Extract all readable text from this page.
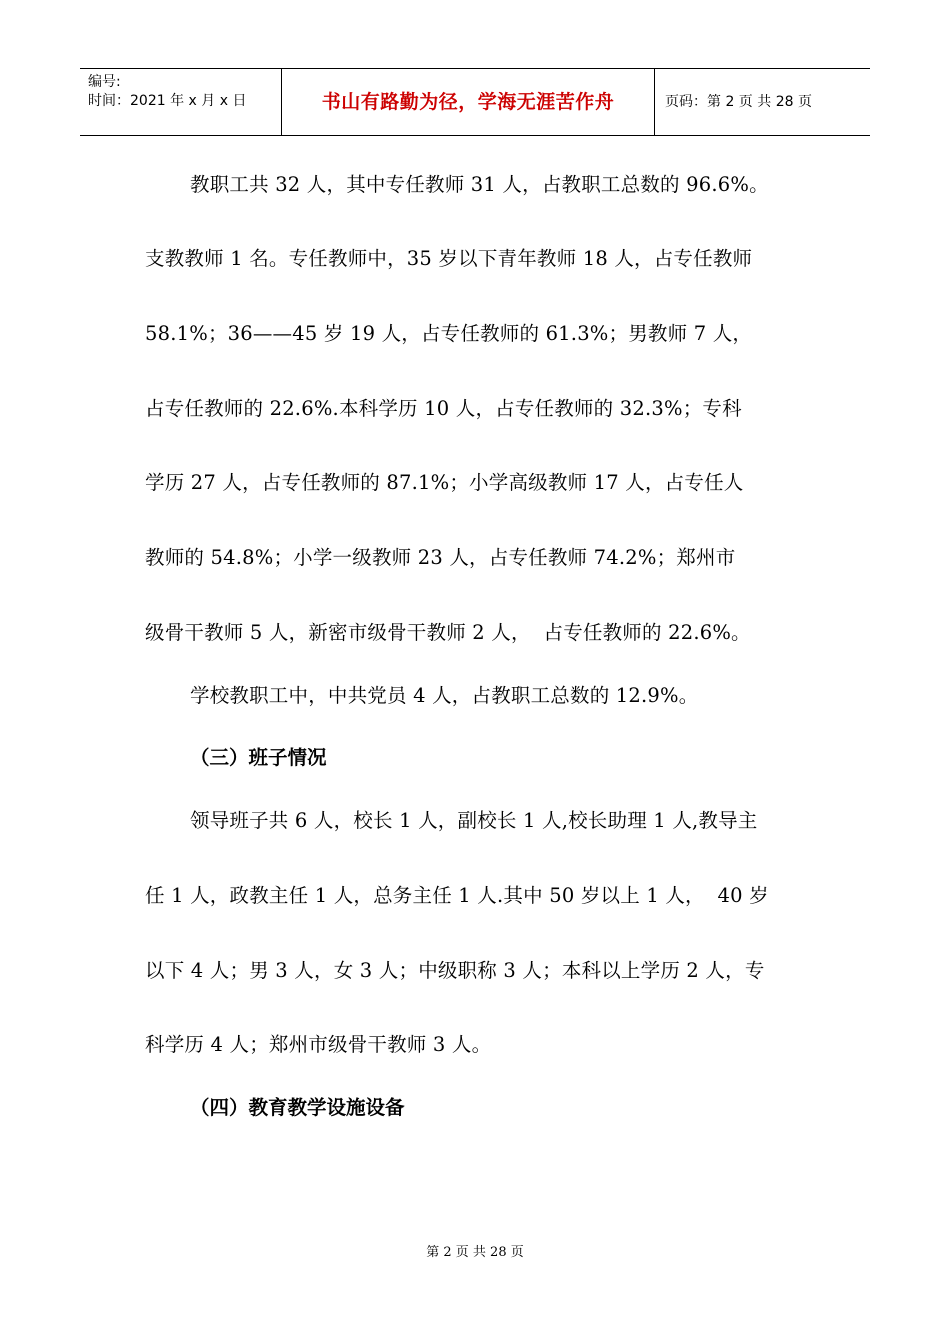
编号:
时间：2021 年 x 月 x 日	书山有路勤为径，学海无涯苦作舟	页码：第 2 页 共 28 页
教职工共 32 人，其中专任教师 31 人，占教职工总数的 96.6%。
支教教师 1 名。专任教师中，35 岁以下青年教师 18 人，占专任教师
58.1%；36——45 岁 19 人，占专任教师的 61.3%；男教师 7 人，
占专任教师的 22.6%.本科学历 10 人，占专任教师的 32.3%；专科
学历 27 人，占专任教师的 87.1%；小学高级教师 17 人，占专任人
教师的 54.8%；小学一级教师 23 人，占专任教师 74.2%；郑州市
级骨干教师 5 人，新密市级骨干教师 2 人，  占专任教师的 22.6%。
学校教职工中，中共党员 4 人，占教职工总数的 12.9%。
（三）班子情况
领导班子共 6 人，校长 1 人，副校长 1 人,校长助理 1 人,教导主
任 1 人，政教主任 1 人，总务主任 1 人.其中 50 岁以上 1 人，  40 岁
以下 4 人；男 3 人，女 3 人；中级职称 3 人；本科以上学历 2 人，专
科学历 4 人；郑州市级骨干教师 3 人。
（四）教育教学设施设备
第 2 页 共 28 页
